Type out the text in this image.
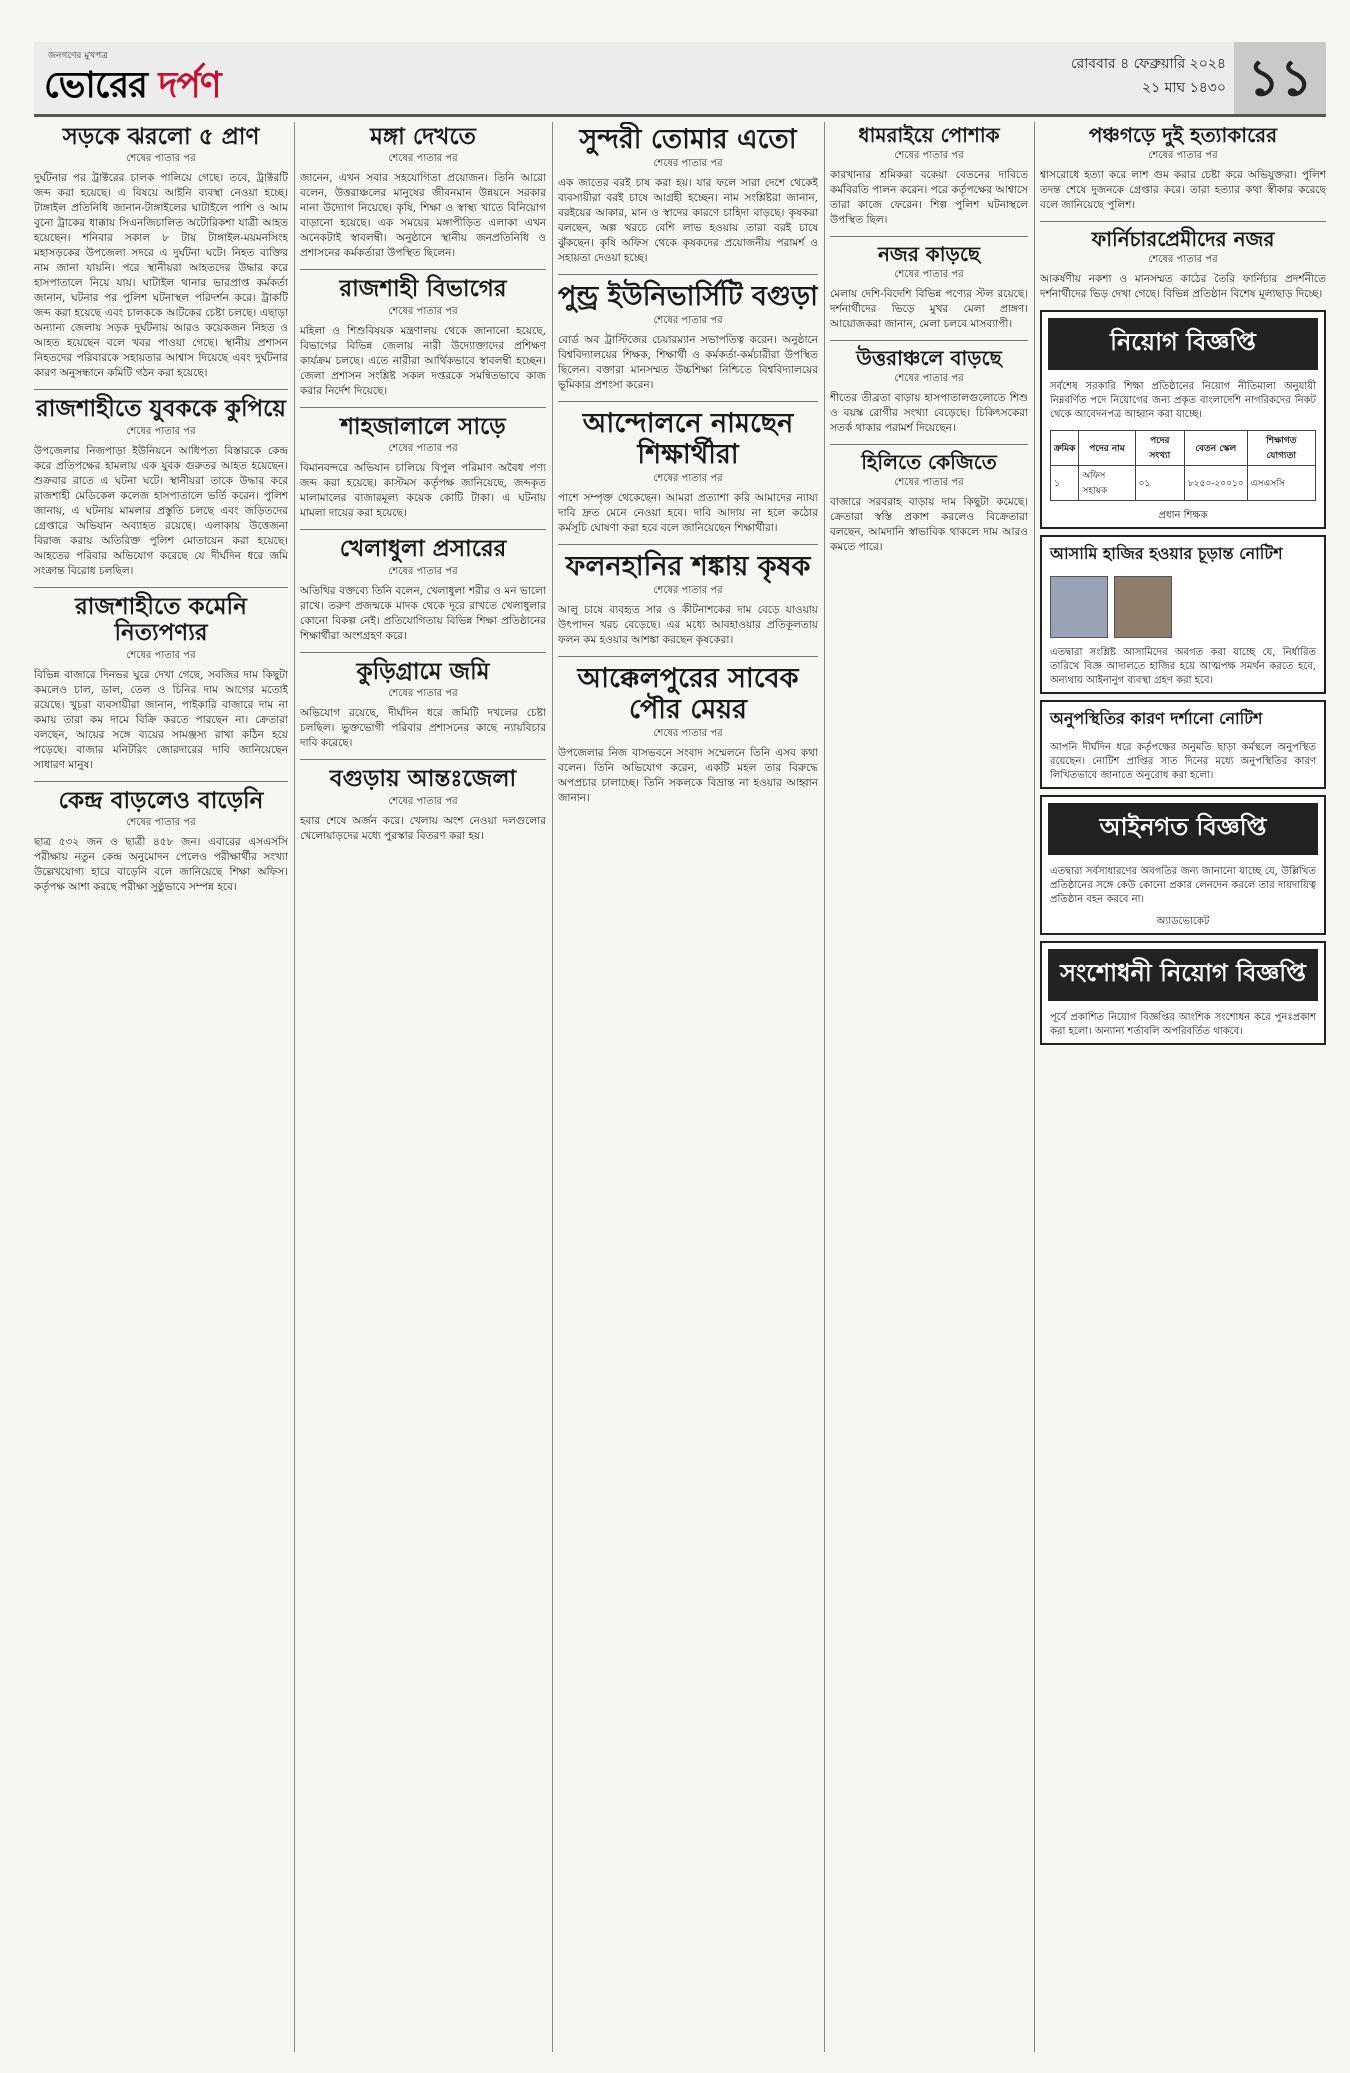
জনগণের মুখপত্র
ভোরের দর্পণ
রোববার ৪ ফেব্রুয়ারি ২০২৪
২১ মাঘ ১৪৩০ ১১
সড়কে ঝরলো ৫ প্রাণ
শেষের পাতার পর

দুর্ঘটনার পর ট্রাক্টরের চালক পালিয়ে গেছে। তবে, ট্রাক্টরটি জব্দ করা হয়েছে। এ বিষয়ে আইনি ব্যবস্থা নেওয়া হচ্ছে। টাঙ্গাইল প্রতিনিধি জানান-টাঙ্গাইলের ঘাটাইলে পাশি ও আম বুনো ট্রাকের ধাক্কায় সিএনজিচালিত অটোরিকশা যাত্রী আহত হয়েছেন। শনিবার সকাল ৮ টায় টাঙ্গাইল-ময়মনসিংহ মহাসড়কের উপজেলা সদরে এ দুর্ঘটনা ঘটে। নিহত ব্যক্তির নাম জানা যায়নি। পরে স্থানীয়রা আহতদের উদ্ধার করে হাসপাতালে নিয়ে যায়। ঘাটাইল থানার ভারপ্রাপ্ত কর্মকর্তা জানান, ঘটনার পর পুলিশ ঘটনাস্থল পরিদর্শন করে। ট্রাকটি জব্দ করা হয়েছে এবং চালককে আটকের চেষ্টা চলছে। এছাড়া অন্যান্য জেলায় সড়ক দুর্ঘটনায় আরও কয়েকজন নিহত ও আহত হয়েছেন বলে খবর পাওয়া গেছে। স্থানীয় প্রশাসন নিহতদের পরিবারকে সহায়তার আশ্বাস দিয়েছে এবং দুর্ঘটনার কারণ অনুসন্ধানে কমিটি গঠন করা হয়েছে।

রাজশাহীতে যুবককে কুপিয়ে
শেষের পাতার পর

উপজেলার নিজপাড়া ইউনিয়নে আধিপত্য বিস্তারকে কেন্দ্র করে প্রতিপক্ষের হামলায় এক যুবক গুরুতর আহত হয়েছেন। শুক্রবার রাতে এ ঘটনা ঘটে। স্থানীয়রা তাকে উদ্ধার করে রাজশাহী মেডিকেল কলেজ হাসপাতালে ভর্তি করেন। পুলিশ জানায়, এ ঘটনায় মামলার প্রস্তুতি চলছে এবং জড়িতদের গ্রেপ্তারে অভিযান অব্যাহত রয়েছে। এলাকায় উত্তেজনা বিরাজ করায় অতিরিক্ত পুলিশ মোতায়েন করা হয়েছে। আহতের পরিবার অভিযোগ করেছে যে দীর্ঘদিন ধরে জমি সংক্রান্ত বিরোধ চলছিল।

রাজশাহীতে কমেনি নিত্যপণ্যর
শেষের পাতার পর

বিভিন্ন বাজারে দিনভর ঘুরে দেখা গেছে, সবজির দাম কিছুটা কমলেও চাল, ডাল, তেল ও চিনির দাম আগের মতোই রয়েছে। খুচরা ব্যবসায়ীরা জানান, পাইকারি বাজারে দাম না কমায় তারা কম দামে বিক্রি করতে পারছেন না। ক্রেতারা বলছেন, আয়ের সঙ্গে ব্যয়ের সামঞ্জস্য রাখা কঠিন হয়ে পড়েছে। বাজার মনিটরিং জোরদারের দাবি জানিয়েছেন সাধারণ মানুষ।

কেন্দ্র বাড়লেও বাড়েনি
শেষের পাতার পর

ছাত্র ৫৩২ জন ও ছাত্রী ৪৫৮ জন। এবারের এসএসসি পরীক্ষায় নতুন কেন্দ্র অনুমোদন পেলেও পরীক্ষার্থীর সংখ্যা উল্লেখযোগ্য হারে বাড়েনি বলে জানিয়েছে শিক্ষা অফিস। কর্তৃপক্ষ আশা করছে পরীক্ষা সুষ্ঠুভাবে সম্পন্ন হবে।

মঙ্গা দেখতে
শেষের পাতার পর

জানেন, এখন সবার সহযোগিতা প্রয়োজন। তিনি আরো বলেন, উত্তরাঞ্চলের মানুষের জীবনমান উন্নয়নে সরকার নানা উদ্যোগ নিয়েছে। কৃষি, শিক্ষা ও স্বাস্থ্য খাতে বিনিয়োগ বাড়ানো হয়েছে। এক সময়ের মঙ্গাপীড়িত এলাকা এখন অনেকটাই স্বাবলম্বী। অনুষ্ঠানে স্থানীয় জনপ্রতিনিধি ও প্রশাসনের কর্মকর্তারা উপস্থিত ছিলেন।

রাজশাহী বিভাগের
শেষের পাতার পর

মহিলা ও শিশুবিষয়ক মন্ত্রণালয় থেকে জানানো হয়েছে, বিভাগের বিভিন্ন জেলায় নারী উদ্যোক্তাদের প্রশিক্ষণ কার্যক্রম চলছে। এতে নারীরা আর্থিকভাবে স্বাবলম্বী হচ্ছেন। জেলা প্রশাসন সংশ্লিষ্ট সকল দপ্তরকে সমন্বিতভাবে কাজ করার নির্দেশ দিয়েছে।

শাহজালালে সাড়ে
শেষের পাতার পর

বিমানবন্দরে অভিযান চালিয়ে বিপুল পরিমাণ অবৈধ পণ্য জব্দ করা হয়েছে। কাস্টমস কর্তৃপক্ষ জানিয়েছে, জব্দকৃত মালামালের বাজারমূল্য কয়েক কোটি টাকা। এ ঘটনায় মামলা দায়ের করা হয়েছে।

খেলাধুলা প্রসারের
শেষের পাতার পর

অতিথির বক্তব্যে তিনি বলেন, খেলাধুলা শরীর ও মন ভালো রাখে। তরুণ প্রজন্মকে মাদক থেকে দূরে রাখতে খেলাধুলার কোনো বিকল্প নেই। প্রতিযোগিতায় বিভিন্ন শিক্ষা প্রতিষ্ঠানের শিক্ষার্থীরা অংশগ্রহণ করে।

কুড়িগ্রামে জমি
শেষের পাতার পর

অভিযোগ রয়েছে, দীর্ঘদিন ধরে জমিটি দখলের চেষ্টা চলছিল। ভুক্তভোগী পরিবার প্রশাসনের কাছে ন্যায়বিচার দাবি করেছে।

বগুড়ায় আন্তঃজেলা
শেষের পাতার পর

হবার শেষে অর্জন করে। খেলায় অংশ নেওয়া দলগুলোর খেলোয়াড়দের মধ্যে পুরস্কার বিতরণ করা হয়।

সুন্দরী তোমার এতো
শেষের পাতার পর

এক জাতের বরই চাষ করা হয়। যার ফলে সারা দেশে থেকেই ব্যবসায়ীরা বরই চাষে আগ্রহী হচ্ছেন। নাম সংশ্লিষ্টরা জানান, বরইয়ের আকার, মান ও স্বাদের কারণে চাহিদা বাড়ছে। কৃষকরা বলছেন, অল্প খরচে বেশি লাভ হওয়ায় তারা বরই চাষে ঝুঁকছেন। কৃষি অফিস থেকে কৃষকদের প্রয়োজনীয় পরামর্শ ও সহায়তা দেওয়া হচ্ছে।

পুন্ড্র ইউনিভার্সিটি বগুড়া
শেষের পাতার পর

বোর্ড অব ট্রাস্টিজের চেয়ারম্যান সভাপতিত্ব করেন। অনুষ্ঠানে বিশ্ববিদ্যালয়ের শিক্ষক, শিক্ষার্থী ও কর্মকর্তা-কর্মচারীরা উপস্থিত ছিলেন। বক্তারা মানসম্মত উচ্চশিক্ষা নিশ্চিতে বিশ্ববিদ্যালয়ের ভূমিকার প্রশংসা করেন।

আন্দোলনে নামছেন শিক্ষার্থীরা
শেষের পাতার পর

পাশে সম্পৃক্ত থেকেছেন। আমরা প্রত্যাশা করি আমাদের ন্যায্য দাবি দ্রুত মেনে নেওয়া হবে। দাবি আদায় না হলে কঠোর কর্মসূচি ঘোষণা করা হবে বলে জানিয়েছেন শিক্ষার্থীরা।

ফলনহানির শঙ্কায় কৃষক
শেষের পাতার পর

আলু চাষে ব্যবহৃত সার ও কীটনাশকের দাম বেড়ে যাওয়ায় উৎপাদন খরচ বেড়েছে। এর মধ্যে আবহাওয়ার প্রতিকূলতায় ফলন কম হওয়ার আশঙ্কা করছেন কৃষকেরা।

আক্কেলপুরের সাবেক পৌর মেয়র
শেষের পাতার পর

উপজেলার নিজ বাসভবনে সংবাদ সম্মেলনে তিনি এসব কথা বলেন। তিনি অভিযোগ করেন, একটি মহল তার বিরুদ্ধে অপপ্রচার চালাচ্ছে। তিনি সকলকে বিভ্রান্ত না হওয়ার আহ্বান জানান।

ধামরাইয়ে পোশাক
শেষের পাতার পর

কারখানার শ্রমিকরা বকেয়া বেতনের দাবিতে কর্মবিরতি পালন করেন। পরে কর্তৃপক্ষের আশ্বাসে তারা কাজে ফেরেন। শিল্প পুলিশ ঘটনাস্থলে উপস্থিত ছিল।

নজর কাড়ছে
শেষের পাতার পর

মেলায় দেশি-বিদেশি বিভিন্ন পণ্যের স্টল রয়েছে। দর্শনার্থীদের ভিড়ে মুখর মেলা প্রাঙ্গণ। আয়োজকরা জানান, মেলা চলবে মাসব্যাপী।

উত্তরাঞ্চলে বাড়ছে
শেষের পাতার পর

শীতের তীব্রতা বাড়ায় হাসপাতালগুলোতে শিশু ও বয়স্ক রোগীর সংখ্যা বেড়েছে। চিকিৎসকেরা সতর্ক থাকার পরামর্শ দিয়েছেন।

হিলিতে কেজিতে
শেষের পাতার পর

বাজারে সরবরাহ বাড়ায় দাম কিছুটা কমেছে। ক্রেতারা স্বস্তি প্রকাশ করলেও বিক্রেতারা বলছেন, আমদানি স্বাভাবিক থাকলে দাম আরও কমতে পারে।

পঞ্চগড়ে দুই হত্যাকারের
শেষের পাতার পর

শ্বাসরোধে হত্যা করে লাশ গুম করার চেষ্টা করে অভিযুক্তরা। পুলিশ তদন্ত শেষে দুজনকে গ্রেপ্তার করে। তারা হত্যার কথা স্বীকার করেছে বলে জানিয়েছে পুলিশ।

ফার্নিচারপ্রেমীদের নজর
শেষের পাতার পর

আকর্ষণীয় নকশা ও মানসম্মত কাঠের তৈরি ফার্নিচার প্রদর্শনীতে দর্শনার্থীদের ভিড় দেখা গেছে। বিভিন্ন প্রতিষ্ঠান বিশেষ মূল্যছাড় দিচ্ছে।

নিয়োগ বিজ্ঞপ্তি
সর্বশেষ সরকারি শিক্ষা প্রতিষ্ঠানের নিয়োগ নীতিমালা অনুযায়ী নিম্নবর্ণিত পদে নিয়োগের জন্য প্রকৃত বাংলাদেশি নাগরিকদের নিকট থেকে আবেদনপত্র আহ্বান করা যাচ্ছে।
ক্রমিক	পদের নাম	পদের সংখ্যা	বেতন স্কেল	শিক্ষাগত যোগ্যতা
১	অফিস সহায়ক	০১	৮২৫০-২০০১০	এসএসসি
প্রধান শিক্ষক
আসামি হাজির হওয়ার চূড়ান্ত নোটিশ
এতদ্বারা সংশ্লিষ্ট আসামিদের অবগত করা যাচ্ছে যে, নির্ধারিত তারিখে বিজ্ঞ আদালতে হাজির হয়ে আত্মপক্ষ সমর্থন করতে হবে, অন্যথায় আইনানুগ ব্যবস্থা গ্রহণ করা হবে।
অনুপস্থিতির কারণ দর্শানো নোটিশ
আপনি দীর্ঘদিন ধরে কর্তৃপক্ষের অনুমতি ছাড়া কর্মস্থলে অনুপস্থিত রয়েছেন। নোটিশ প্রাপ্তির সাত দিনের মধ্যে অনুপস্থিতির কারণ লিখিতভাবে জানাতে অনুরোধ করা হলো।
আইনগত বিজ্ঞপ্তি
এতদ্বারা সর্বসাধারণের অবগতির জন্য জানানো যাচ্ছে যে, উল্লিখিত প্রতিষ্ঠানের সঙ্গে কেউ কোনো প্রকার লেনদেন করলে তার দায়দায়িত্ব প্রতিষ্ঠান বহন করবে না।
অ্যাডভোকেট
সংশোধনী নিয়োগ বিজ্ঞপ্তি
পূর্বে প্রকাশিত নিয়োগ বিজ্ঞপ্তির আংশিক সংশোধন করে পুনঃপ্রকাশ করা হলো। অন্যান্য শর্তাবলি অপরিবর্তিত থাকবে।
